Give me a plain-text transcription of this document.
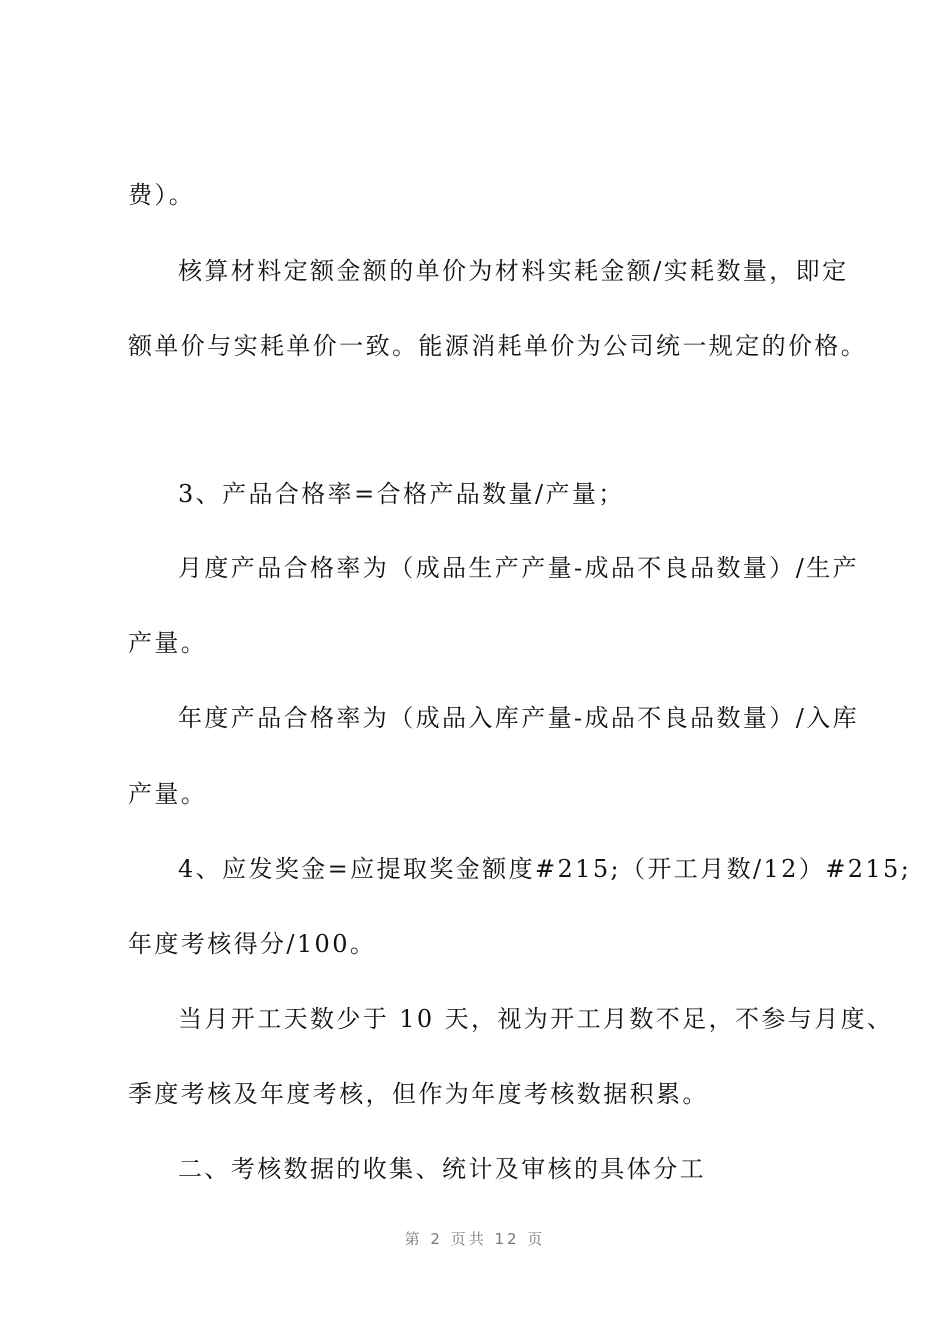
费）。
核算材料定额金额的单价为材料实耗金额/实耗数量，即定
额单价与实耗单价一致。能源消耗单价为公司统一规定的价格。
3、产品合格率=合格产品数量/产量；
月度产品合格率为（成品生产产量-成品不良品数量）/生产
产量。
年度产品合格率为（成品入库产量-成品不良品数量）/入库
产量。
4、应发奖金=应提取奖金额度#215;（开工月数/12）#215;
年度考核得分/100。
当月开工天数少于 10 天，视为开工月数不足，不参与月度、
季度考核及年度考核，但作为年度考核数据积累。
二、考核数据的收集、统计及审核的具体分工
第 2 页共 12 页
